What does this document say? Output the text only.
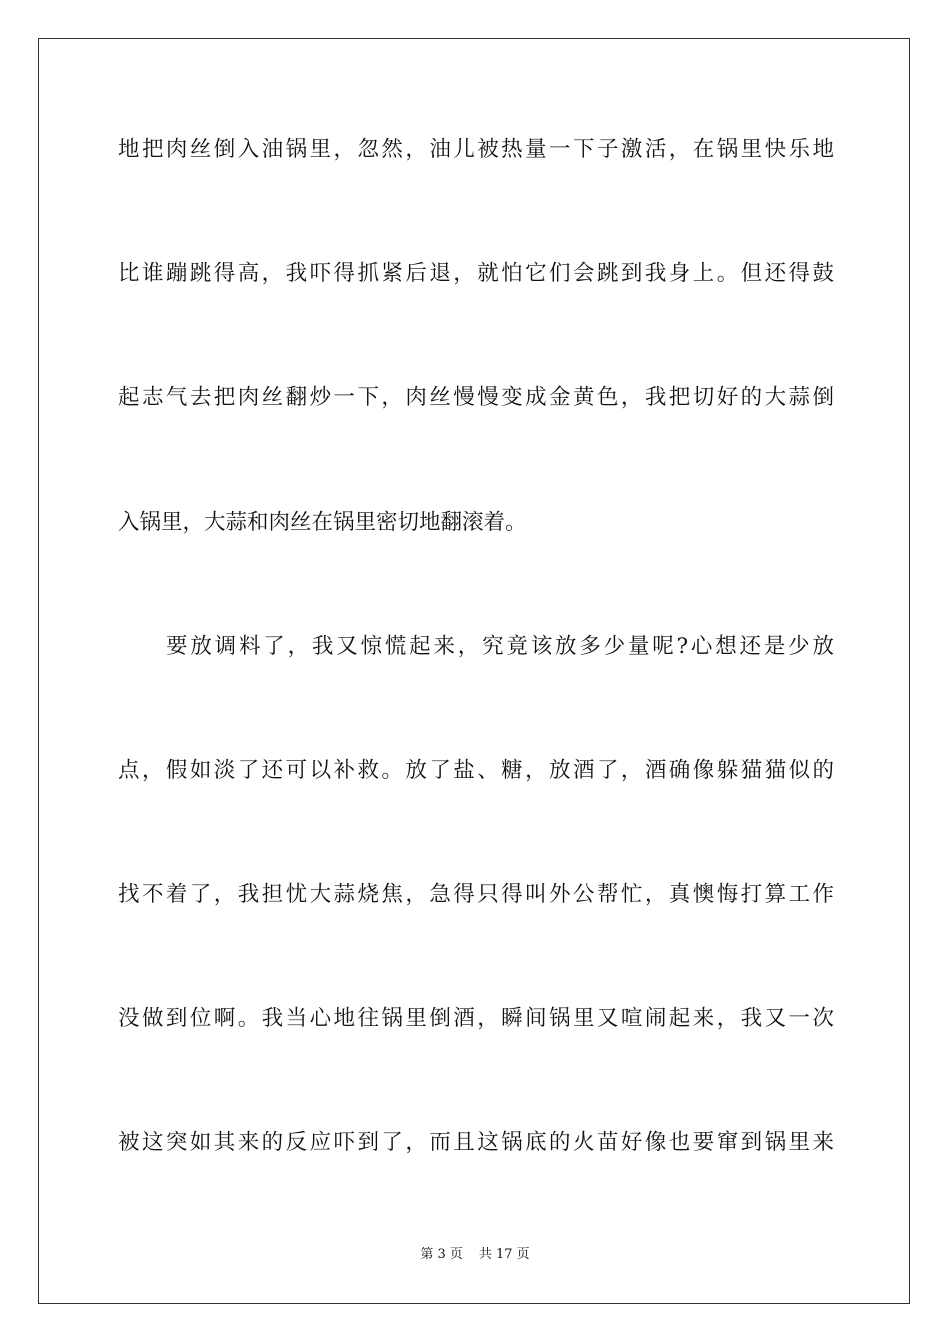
地把肉丝倒入油锅里，忽然，油儿被热量一下子激活，在锅里快乐地
比谁蹦跳得高，我吓得抓紧后退，就怕它们会跳到我身上。但还得鼓
起志气去把肉丝翻炒一下，肉丝慢慢变成金黄色，我把切好的大蒜倒
入锅里，大蒜和肉丝在锅里密切地翻滚着。
要放调料了，我又惊慌起来，究竟该放多少量呢?心想还是少放
点，假如淡了还可以补救。放了盐、糖，放酒了，酒确像躲猫猫似的
找不着了，我担忧大蒜烧焦，急得只得叫外公帮忙，真懊悔打算工作
没做到位啊。我当心地往锅里倒酒，瞬间锅里又喧闹起来，我又一次
被这突如其来的反应吓到了，而且这锅底的火苗好像也要窜到锅里来
第 3 页 共 17 页
